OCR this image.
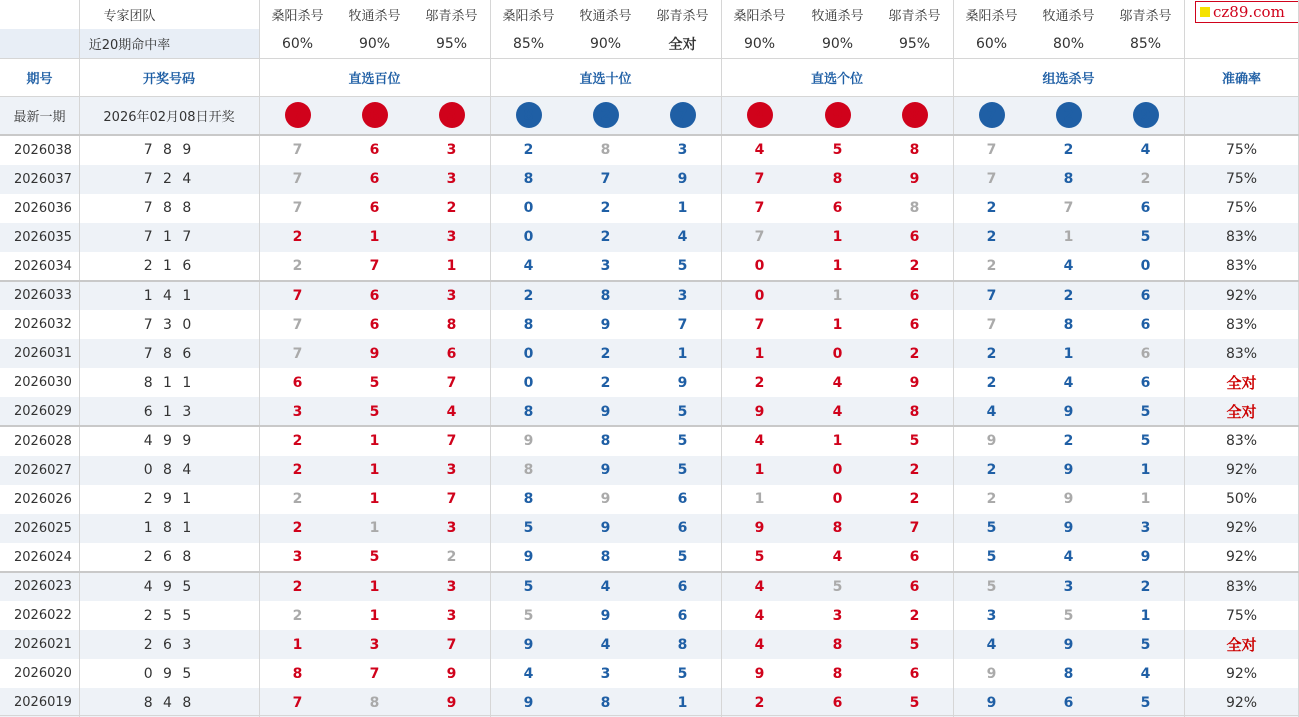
专家团队	桑阳杀号	牧通杀号	邬青杀号	桑阳杀号	牧通杀号	邬青杀号	桑阳杀号	牧通杀号	邬青杀号	桑阳杀号	牧通杀号	邬青杀号	cz89.com
近20期命中率	60%	90%	95%	85%	90%	全对	90%	90%	95%	60%	80%	85%
近20期
期号	开奖号码	直选百位	直选十位	直选个位	组选杀号	准确率
最新一期	2026年02月08日开奖	7	6	3	8	2	7	4	9	8	7	2	9
2026038	7 8 9	7	6	3	2	8	3	4	5	8	7	2	4	75%
2026037	7 2 4	7	6	3	8	7	9	7	8	9	7	8	2	75%
2026036	7 8 8	7	6	2	0	2	1	7	6	8	2	7	6	75%
2026035	7 1 7	2	1	3	0	2	4	7	1	6	2	1	5	83%
2026034	2 1 6	2	7	1	4	3	5	0	1	2	2	4	0	83%
2026033	1 4 1	7	6	3	2	8	3	0	1	6	7	2	6	92%
2026032	7 3 0	7	6	8	8	9	7	7	1	6	7	8	6	83%
2026031	7 8 6	7	9	6	0	2	1	1	0	2	2	1	6	83%
2026030	8 1 1	6	5	7	0	2	9	2	4	9	2	4	6	全对
2026029	6 1 3	3	5	4	8	9	5	9	4	8	4	9	5	全对
2026028	4 9 9	2	1	7	9	8	5	4	1	5	9	2	5	83%
2026027	0 8 4	2	1	3	8	9	5	1	0	2	2	9	1	92%
2026026	2 9 1	2	1	7	8	9	6	1	0	2	2	9	1	50%
2026025	1 8 1	2	1	3	5	9	6	9	8	7	5	9	3	92%
2026024	2 6 8	3	5	2	9	8	5	5	4	6	5	4	9	92%
2026023	4 9 5	2	1	3	5	4	6	4	5	6	5	3	2	83%
2026022	2 5 5	2	1	3	5	9	6	4	3	2	3	5	1	75%
2026021	2 6 3	1	3	7	9	4	8	4	8	5	4	9	5	全对
2026020	0 9 5	8	7	9	4	3	5	9	8	6	9	8	4	92%
2026019	8 4 8	7	8	9	9	8	1	2	6	5	9	6	5	92%
